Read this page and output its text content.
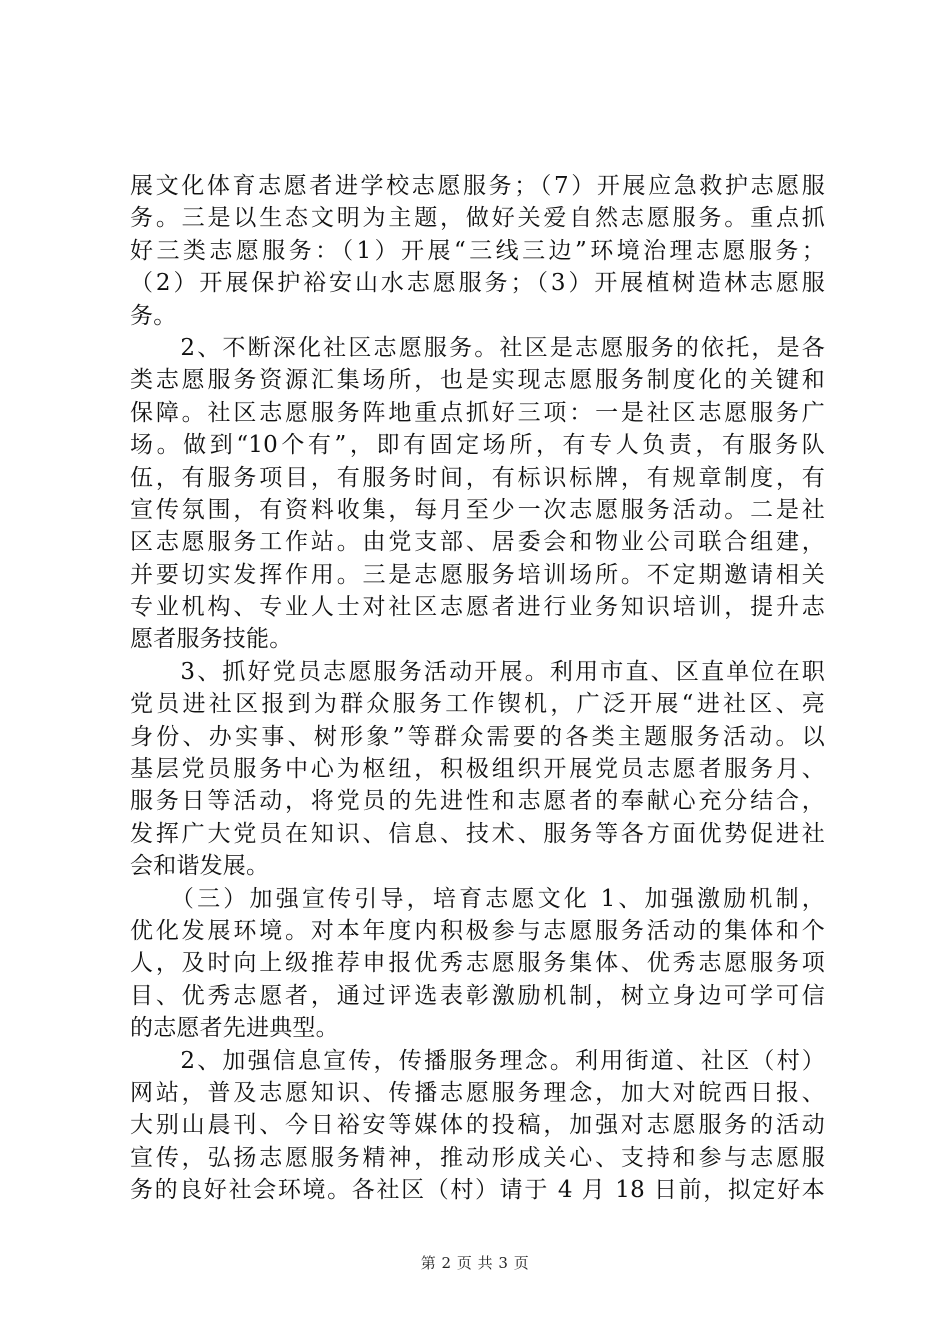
展文化体育志愿者进学校志愿服务；（7）开展应急救护志愿服
务。三是以生态文明为主题，做好关爱自然志愿服务。重点抓
好三类志愿服务：（1）开展“三线三边”环境治理志愿服务；
（2）开展保护裕安山水志愿服务；（3）开展植树造林志愿服
务。
　　2、不断深化社区志愿服务。社区是志愿服务的依托，是各
类志愿服务资源汇集场所，也是实现志愿服务制度化的关键和
保障。社区志愿服务阵地重点抓好三项：一是社区志愿服务广
场。做到“10个有”，即有固定场所，有专人负责，有服务队
伍，有服务项目，有服务时间，有标识标牌，有规章制度，有
宣传氛围，有资料收集，每月至少一次志愿服务活动。二是社
区志愿服务工作站。由党支部、居委会和物业公司联合组建，
并要切实发挥作用。三是志愿服务培训场所。不定期邀请相关
专业机构、专业人士对社区志愿者进行业务知识培训，提升志
愿者服务技能。
　　3、抓好党员志愿服务活动开展。利用市直、区直单位在职
党员进社区报到为群众服务工作锲机，广泛开展“进社区、亮
身份、办实事、树形象”等群众需要的各类主题服务活动。以
基层党员服务中心为枢纽，积极组织开展党员志愿者服务月、
服务日等活动，将党员的先进性和志愿者的奉献心充分结合，
发挥广大党员在知识、信息、技术、服务等各方面优势促进社
会和谐发展。
　　（三）加强宣传引导，培育志愿文化 1、加强激励机制，
优化发展环境。对本年度内积极参与志愿服务活动的集体和个
人，及时向上级推荐申报优秀志愿服务集体、优秀志愿服务项
目、优秀志愿者，通过评选表彰激励机制，树立身边可学可信
的志愿者先进典型。
　　2、加强信息宣传，传播服务理念。利用街道、社区（村）
网站，普及志愿知识、传播志愿服务理念，加大对皖西日报、
大别山晨刊、今日裕安等媒体的投稿，加强对志愿服务的活动
宣传，弘扬志愿服务精神，推动形成关心、支持和参与志愿服
务的良好社会环境。各社区（村）请于 4 月 18 日前，拟定好本
第 2 页 共 3 页
